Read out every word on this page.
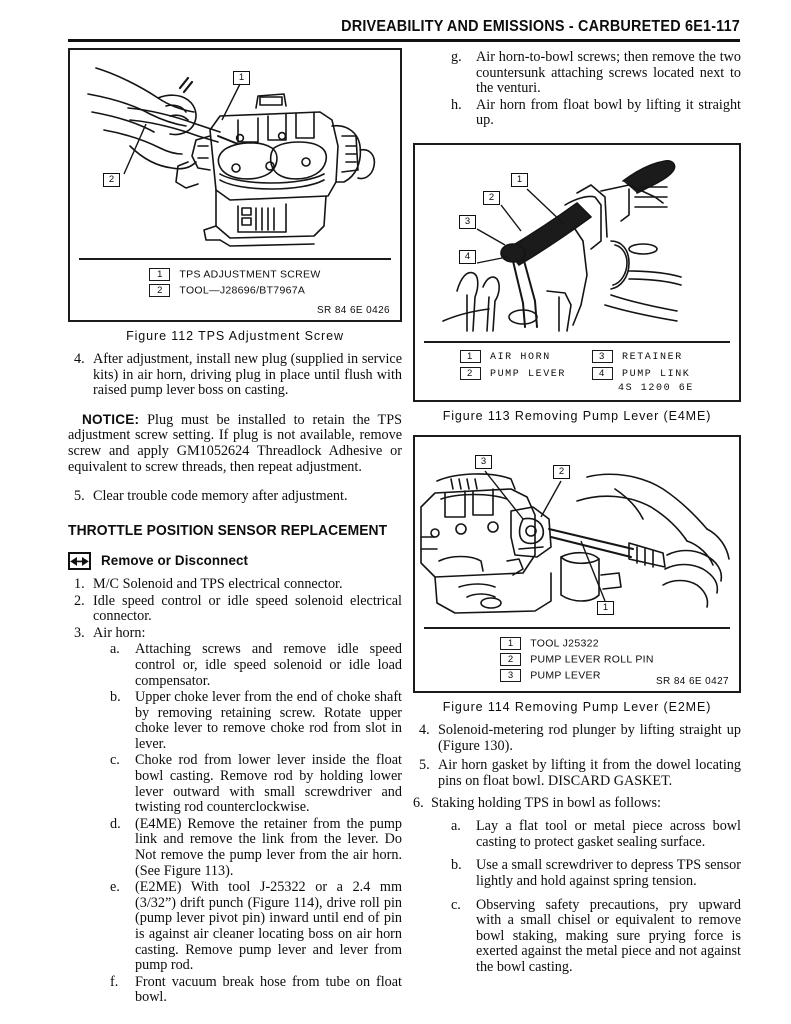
DRIVEABILITY AND EMISSIONS - CARBURETED 6E1-117
1
2
1 TPS ADJUSTMENT SCREW
2 TOOL—J28696/BT7967A
SR 84 6E 0426
Figure 112 TPS Adjustment Screw
4. After adjustment, install new plug (supplied in service kits) in air horn, driving plug in place until flush with raised pump lever boss on casting.

NOTICE: Plug must be installed to retain the TPS adjustment screw setting. If plug is not available, remove screw and apply GM1052624 Threadlock Adhesive or equivalent to screw threads, then repeat adjustment.

5. Clear trouble code memory after adjustment.
THROTTLE POSITION SENSOR REPLACEMENT
Remove or Disconnect
1. M/C Solenoid and TPS electrical connector.
2. Idle speed control or idle speed solenoid electrical connector.
3. Air horn:
a.	Attaching screws and remove idle speed control or, idle speed solenoid or idle load compensator.
b.	Upper choke lever from the end of choke shaft by removing retaining screw. Rotate upper choke lever to remove choke rod from slot in lever.
c.	Choke rod from lower lever inside the float bowl casting. Remove rod by holding lower lever outward with small screwdriver and twisting rod counterclockwise.
d.	(E4ME) Remove the retainer from the pump link and remove the link from the lever. Do Not remove the pump lever from the air horn. (See Figure 113).
e.	(E2ME) With tool J-25322 or a 2.4 mm (3/32”) drift punch (Figure 114), drive roll pin (pump lever pivot pin) inward until end of pin is against air cleaner locating boss on air horn casting. Remove pump lever and lever from pump rod.
f.	Front vacuum break hose from tube on float bowl.
g.	Air horn-to-bowl screws; then remove the two countersunk attaching screws located next to the venturi.
h.	Air horn from float bowl by lifting it straight up.
1
2
3
4
1 AIR HORN		3 RETAINER
2 PUMP LEVER		4 PUMP LINK
		4S 1200 6E
Figure 113 Removing Pump Lever (E4ME)
3
2
1
1 TOOL J25322
2 PUMP LEVER ROLL PIN
3 PUMP LEVER
SR 84 6E 0427
Figure 114 Removing Pump Lever (E2ME)
4. Solenoid-metering rod plunger by lifting straight up (Figure 130).
5. Air horn gasket by lifting it from the dowel locating pins on float bowl. DISCARD GASKET.
6. Staking holding TPS in bowl as follows:
a.	Lay a flat tool or metal piece across bowl casting to protect gasket sealing surface.
b.	Use a small screwdriver to depress TPS sensor lightly and hold against spring tension.
c.	Observing safety precautions, pry upward with a small chisel or equivalent to remove bowl staking, making sure prying force is exerted against the metal piece and not against the bowl casting.
